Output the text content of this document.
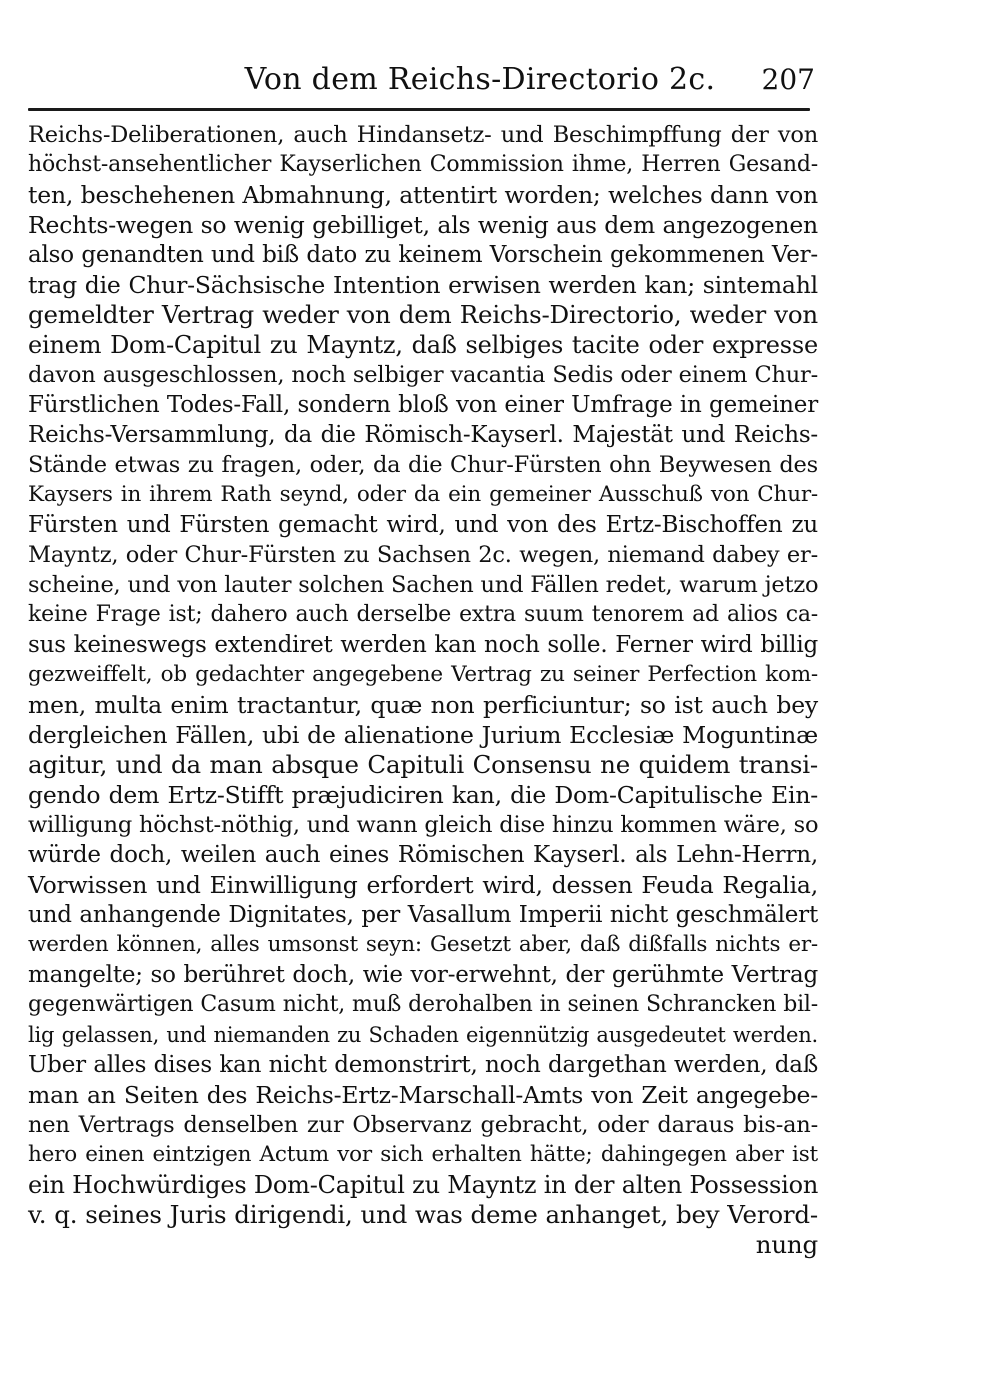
Von dem Reichs-Directorio 2c.	207
Reichs-Deliberationen, auch Hindansetz- und Beschimpffung der von
höchst-ansehentlicher Kayserlichen Commission ihme, Herren Gesand-
ten, beschehenen Abmahnung, attentirt worden; welches dann von
Rechts-wegen so wenig gebilliget, als wenig aus dem angezogenen
also genandten und biß dato zu keinem Vorschein gekommenen Ver-
trag die Chur-Sächsische Intention erwisen werden kan; sintemahl
gemeldter Vertrag weder von dem Reichs-Directorio, weder von
einem Dom-Capitul zu Mayntz, daß selbiges tacite oder expresse
davon ausgeschlossen, noch selbiger vacantia Sedis oder einem Chur-
Fürstlichen Todes-Fall, sondern bloß von einer Umfrage in gemeiner
Reichs-Versammlung, da die Römisch-Kayserl. Majestät und Reichs-
Stände etwas zu fragen, oder, da die Chur-Fürsten ohn Beywesen des
Kaysers in ihrem Rath seynd, oder da ein gemeiner Ausschuß von Chur-
Fürsten und Fürsten gemacht wird, und von des Ertz-Bischoffen zu
Mayntz, oder Chur-Fürsten zu Sachsen 2c. wegen, niemand dabey er-
scheine, und von lauter solchen Sachen und Fällen redet, warum jetzo
keine Frage ist; dahero auch derselbe extra suum tenorem ad alios ca-
sus keineswegs extendiret werden kan noch solle. Ferner wird billig
gezweiffelt, ob gedachter angegebene Vertrag zu seiner Perfection kom-
men, multa enim tractantur, quæ non perficiuntur; so ist auch bey
dergleichen Fällen, ubi de alienatione Jurium Ecclesiæ Moguntinæ
agitur, und da man absque Capituli Consensu ne quidem transi-
gendo dem Ertz-Stifft præjudiciren kan, die Dom-Capitulische Ein-
willigung höchst-nöthig, und wann gleich dise hinzu kommen wäre, so
würde doch, weilen auch eines Römischen Kayserl. als Lehn-Herrn,
Vorwissen und Einwilligung erfordert wird, dessen Feuda Regalia,
und anhangende Dignitates, per Vasallum Imperii nicht geschmälert
werden können, alles umsonst seyn: Gesetzt aber, daß dißfalls nichts er-
mangelte; so berühret doch, wie vor-erwehnt, der gerühmte Vertrag
gegenwärtigen Casum nicht, muß derohalben in seinen Schrancken bil-
lig gelassen, und niemanden zu Schaden eigennützig ausgedeutet werden.
Uber alles dises kan nicht demonstrirt, noch dargethan werden, daß
man an Seiten des Reichs-Ertz-Marschall-Amts von Zeit angegebe-
nen Vertrags denselben zur Observanz gebracht, oder daraus bis-an-
hero einen eintzigen Actum vor sich erhalten hätte; dahingegen aber ist
ein Hochwürdiges Dom-Capitul zu Mayntz in der alten Possession
v. q. seines Juris dirigendi, und was deme anhanget, bey Verord-
nung
